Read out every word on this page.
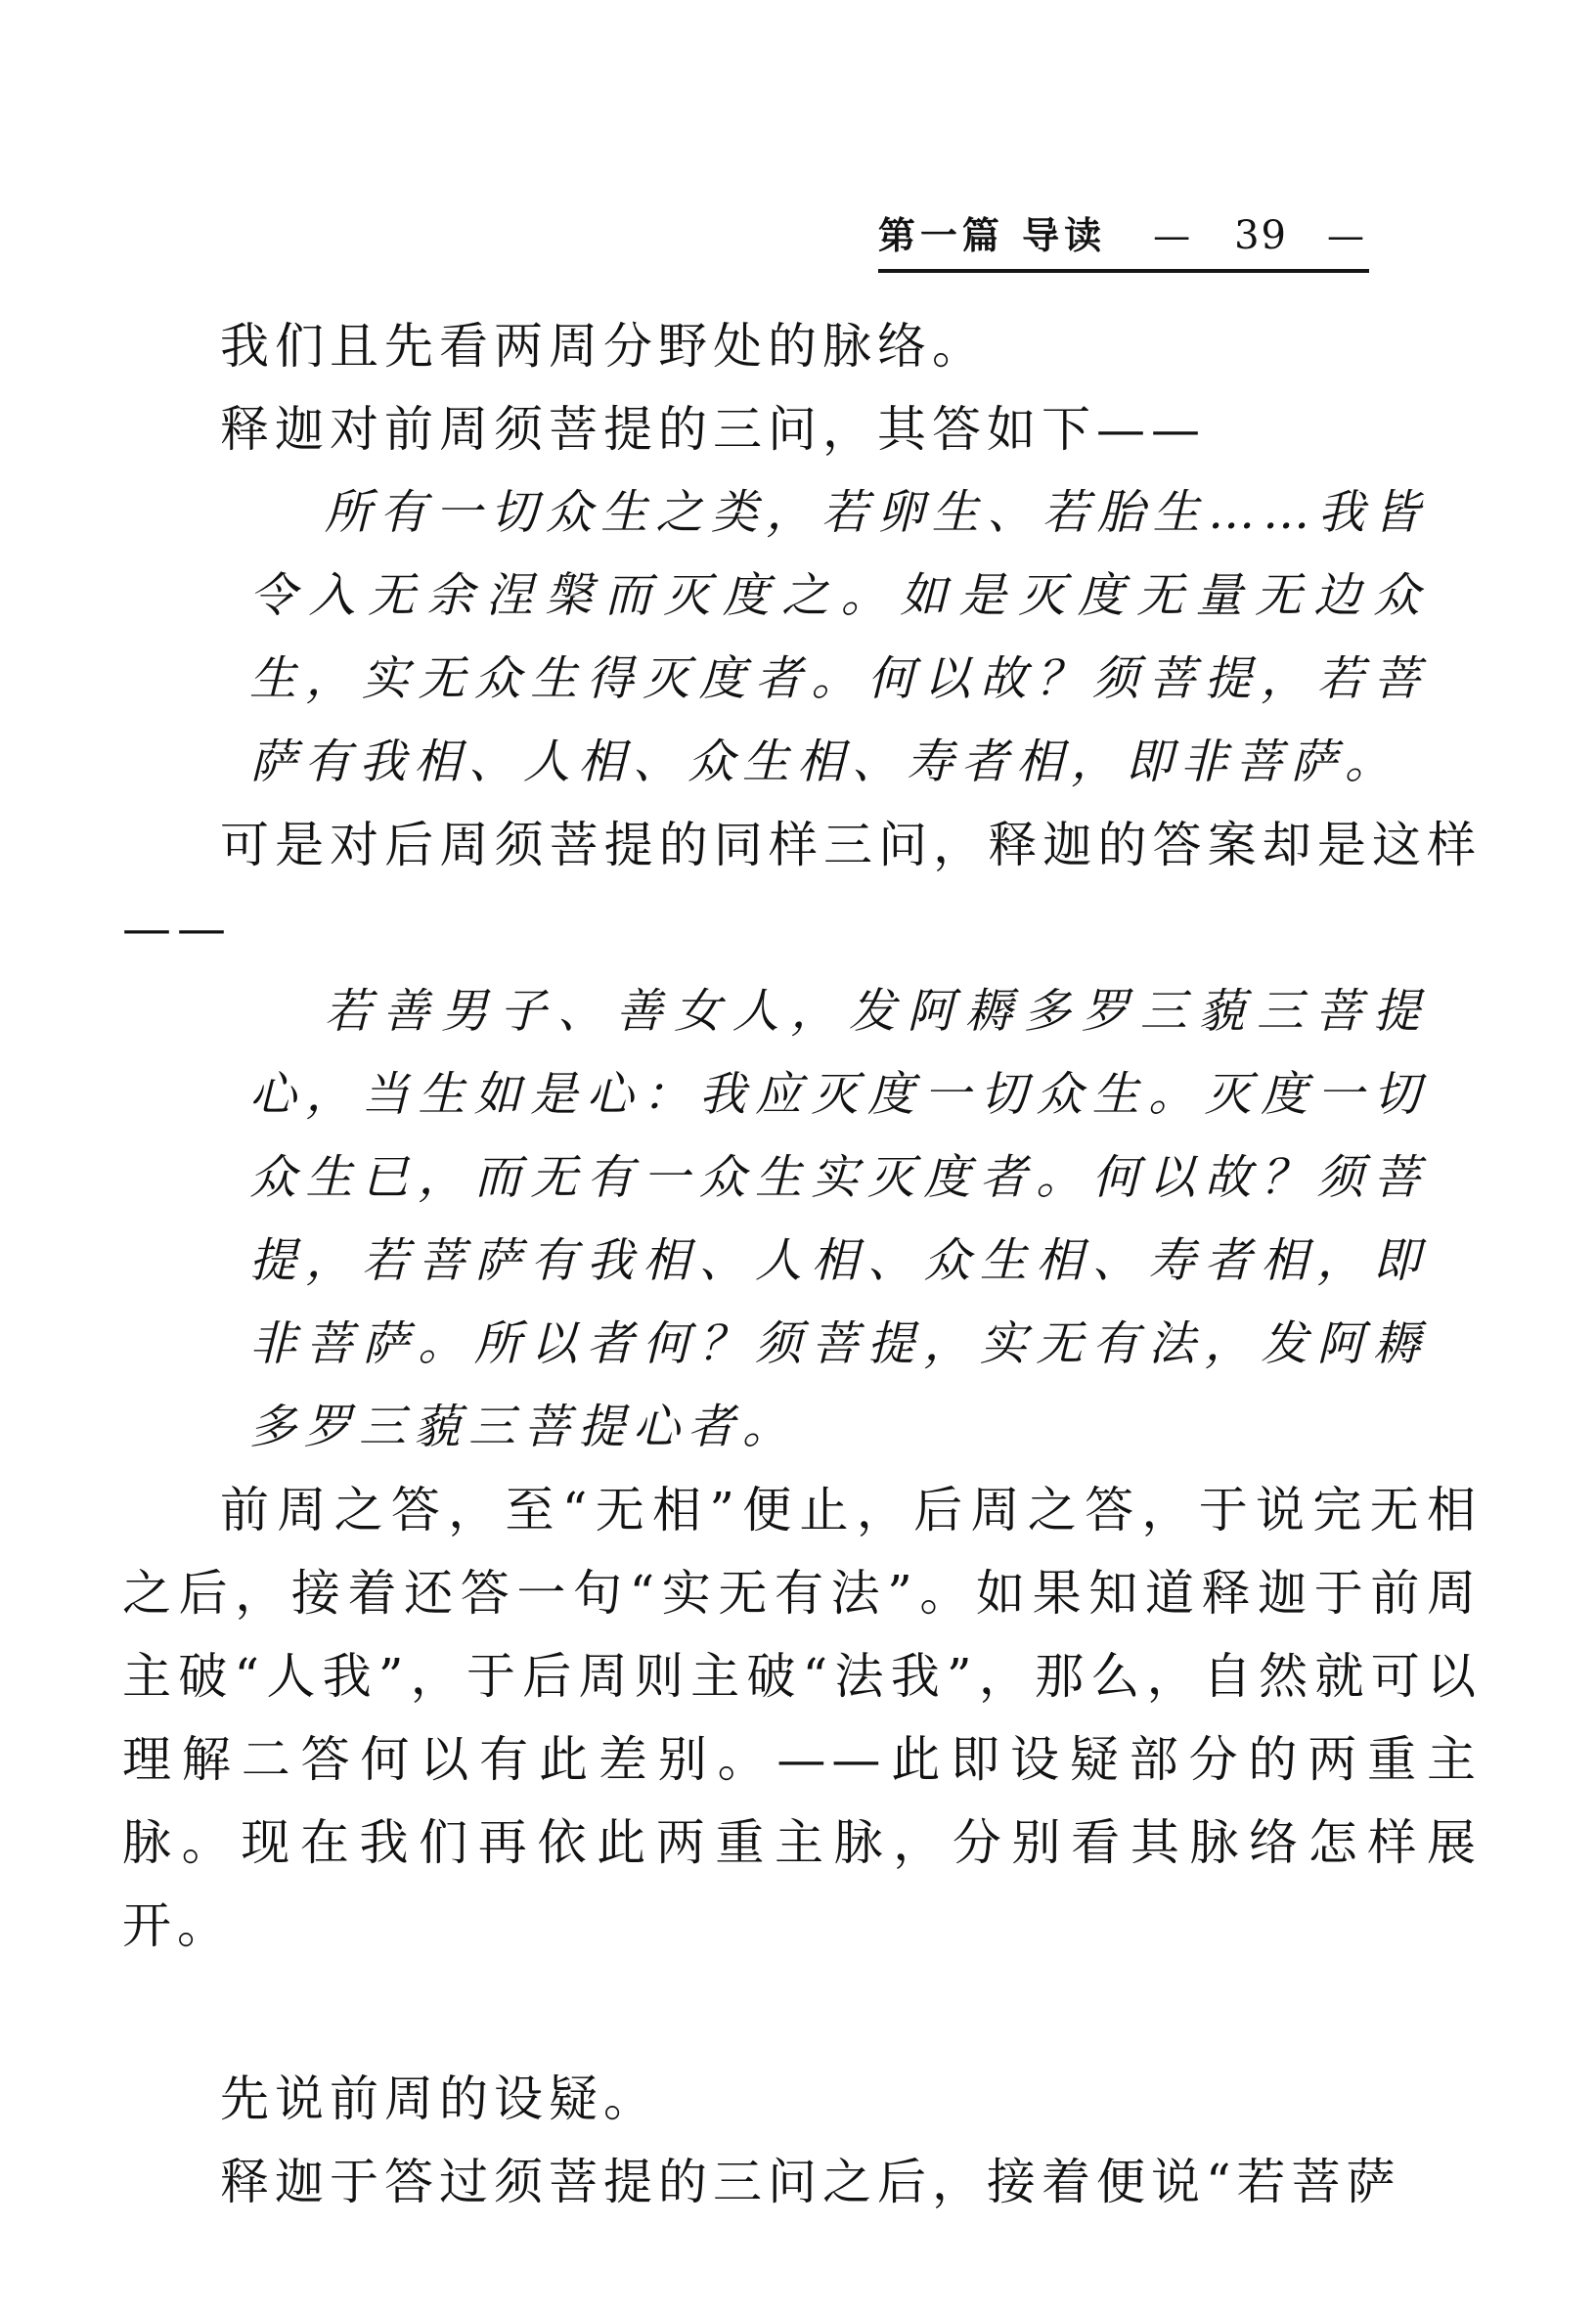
第一篇 导读 — 39 —

我们且先看两周分野处的脉络。

释迦对前周须菩提的三问，其答如下——

所有一切众生之类，若卵生、若胎生……我皆令入无余涅槃而灭度之。如是灭度无量无边众生，实无众生得灭度者。何以故？须菩提，若菩萨有我相、人相、众生相、寿者相，即非菩萨。

可是对后周须菩提的同样三问，释迦的答案却是这样——

若善男子、善女人，发阿耨多罗三藐三菩提心，当生如是心：我应灭度一切众生。灭度一切众生已，而无有一众生实灭度者。何以故？须菩提，若菩萨有我相、人相、众生相、寿者相，即非菩萨。所以者何？须菩提，实无有法，发阿耨多罗三藐三菩提心者。

前周之答，至“无相”便止，后周之答，于说完无相之后，接着还答一句“实无有法”。如果知道释迦于前周主破“人我”，于后周则主破“法我”，那么，自然就可以理解二答何以有此差别。——此即设疑部分的两重主脉。现在我们再依此两重主脉，分别看其脉络怎样展开。

先说前周的设疑。

释迦于答过须菩提的三问之后，接着便说“若菩萨
